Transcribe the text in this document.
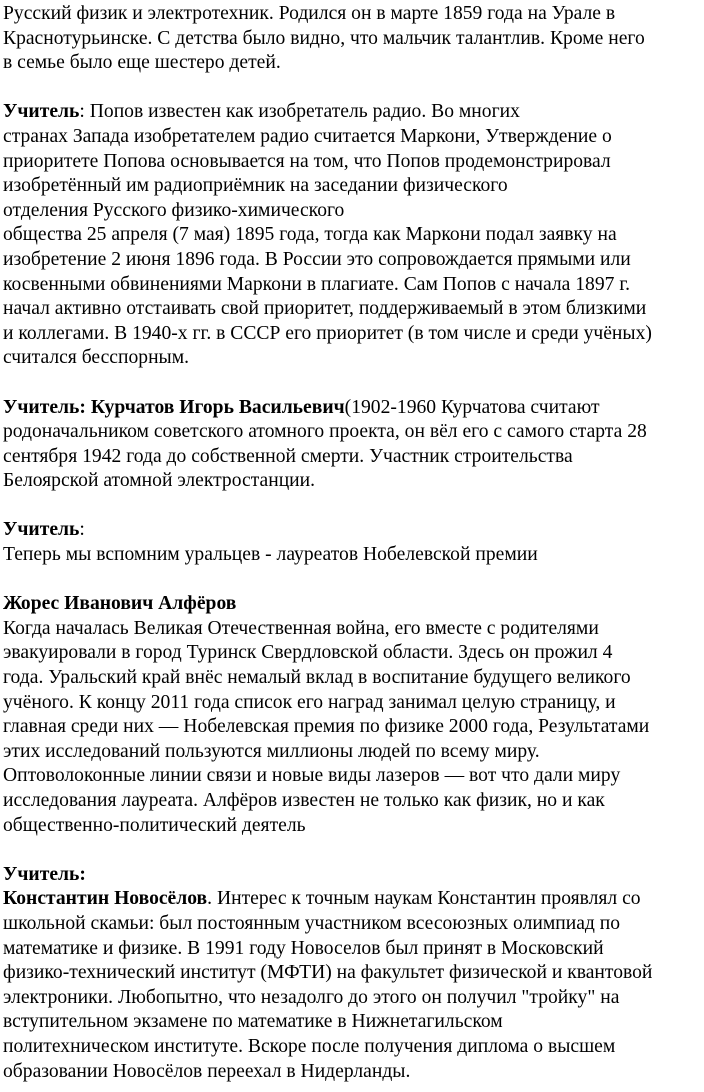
Русский физик и электротехник. Родился он в марте 1859 года на Урале в
Краснотурьинске. С детства было видно, что мальчик талантлив. Кроме него
в семье было еще шестеро детей.
Учитель: Попов известен как изобретатель радио. Во многих
странах Запада изобретателем радио считается Маркони, Утверждение о
приоритете Попова основывается на том, что Попов продемонстрировал
изобретённый им радиоприёмник на заседании физического
отделения Русского физико-химического
общества 25 апреля (7 мая) 1895 года, тогда как Маркони подал заявку на
изобретение 2 июня 1896 года. В России это сопровождается прямыми или
косвенными обвинениями Маркони в плагиате. Сам Попов с начала 1897 г.
начал активно отстаивать свой приоритет, поддерживаемый в этом близкими
и коллегами. В 1940-х гг. в СССР его приоритет (в том числе и среди учёных)
считался бесспорным.
Учитель: Курчатов Игорь Васильевич(1902-1960 Курчатова считают
родоначальником советского атомного проекта, он вёл его с самого старта 28
сентября 1942 года до собственной смерти. Участник строительства
Белоярской атомной электростанции.
Учитель:
Теперь мы вспомним уральцев - лауреатов Нобелевской премии
Жорес Иванович Алфёров
Когда началась Великая Отечественная война, его вместе с родителями
эвакуировали в город Туринск Свердловской области. Здесь он прожил 4
года. Уральский край внёс немалый вклад в воспитание будущего великого
учёного. К концу 2011 года список его наград занимал целую страницу, и
главная среди них — Нобелевская премия по физике 2000 года, Результатами
этих исследований пользуются миллионы людей по всему миру.
Оптоволоконные линии связи и новые виды лазеров — вот что дали миру
исследования лауреата. Алфёров известен не только как физик, но и как
общественно-политический деятель
Учитель:
Константин Новосёлов. Интерес к точным наукам Константин проявлял со
школьной скамьи: был постоянным участником всесоюзных олимпиад по
математике и физике. В 1991 году Новоселов был принят в Московский
физико-технический институт (МФТИ) на факультет физической и квантовой
электроники. Любопытно, что незадолго до этого он получил "тройку" на
вступительном экзамене по математике в Нижнетагильском
политехническом институте. Вскоре после получения диплома о высшем
образовании Новосёлов переехал в Нидерланды.
